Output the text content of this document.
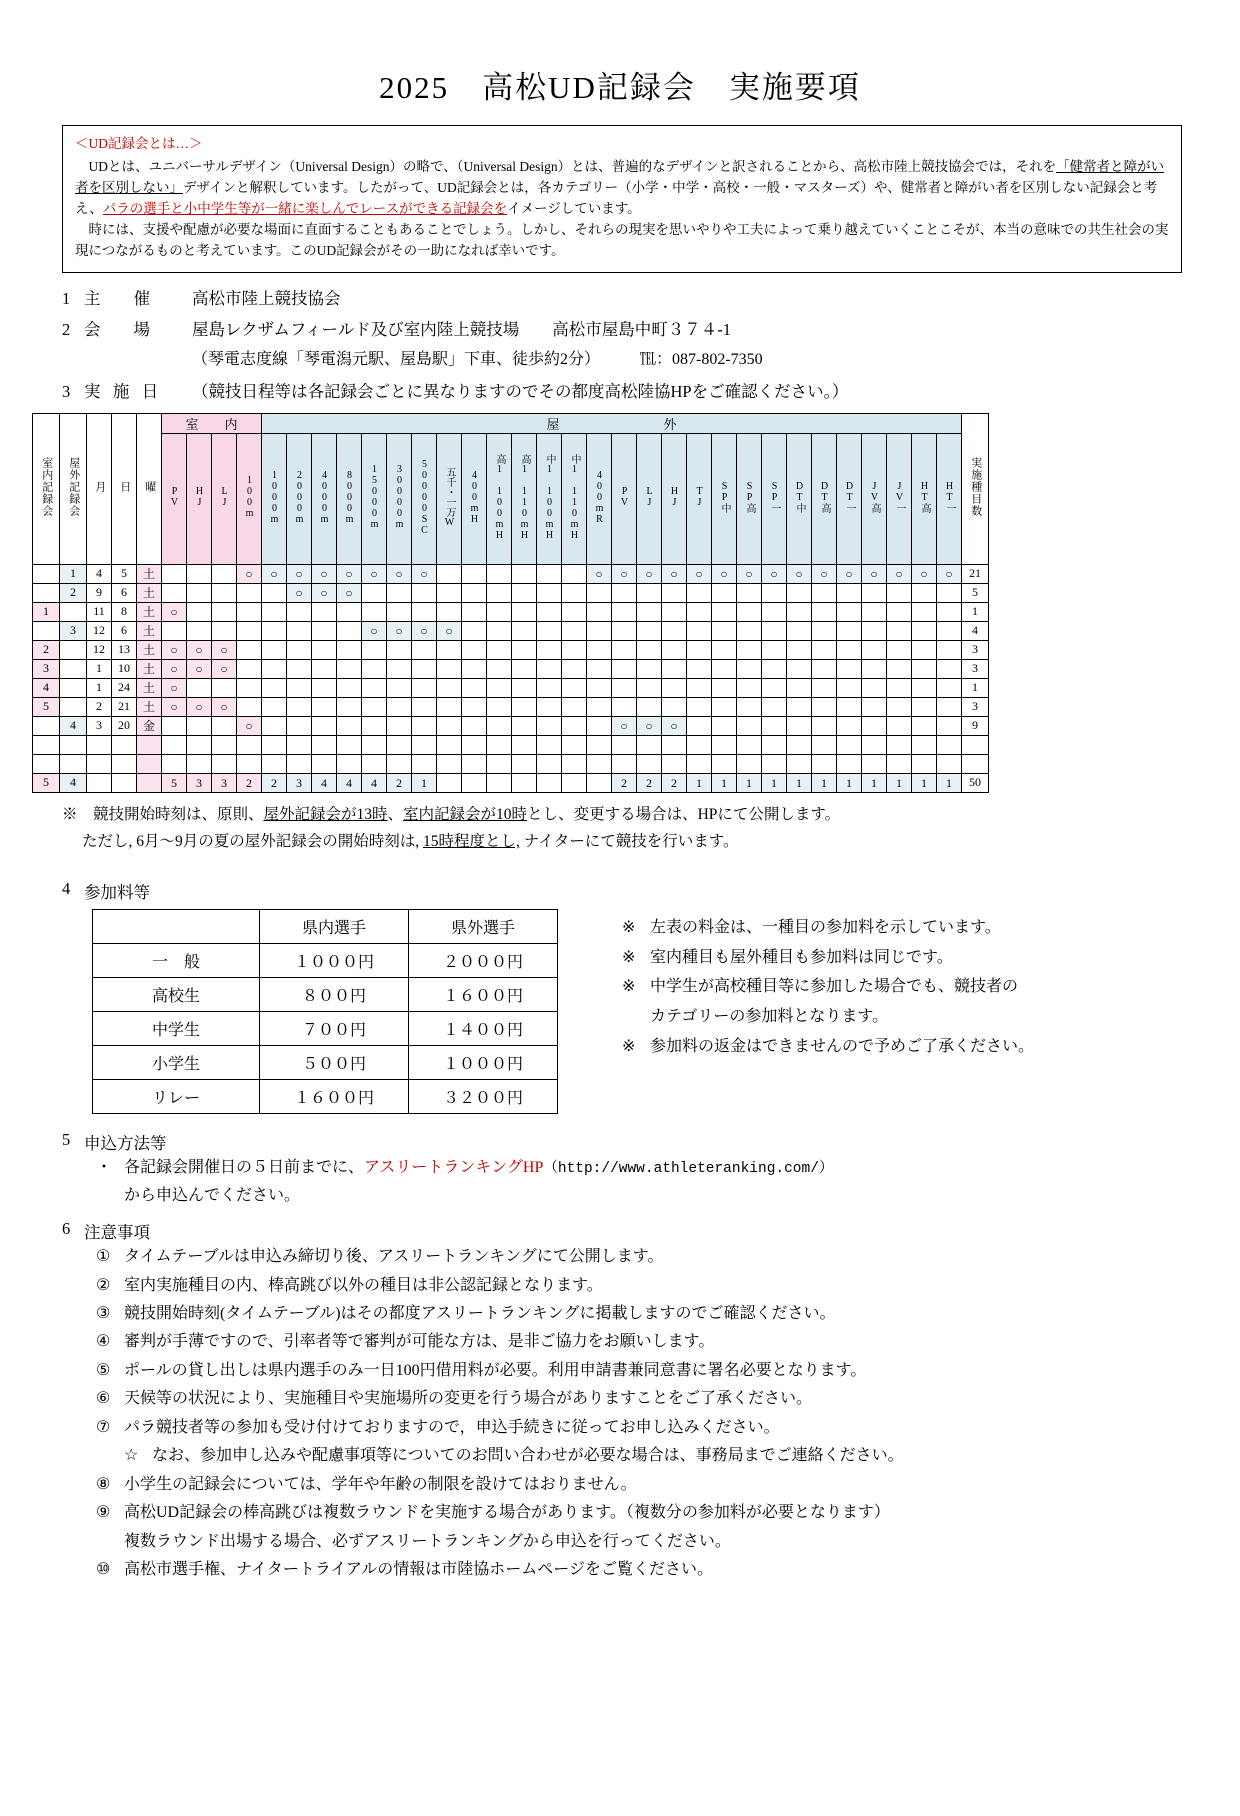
2025　高松UD記録会　実施要項
＜UD記録会とは…＞

UDとは、ユニバーサルデザイン（Universal Design）の略で、（Universal Design）とは、普遍的なデザインと訳されることから、高松市陸上競技協会では，それを「健常者と障がい者を区別しない」デザインと解釈しています。したがって、UD記録会とは，各カテゴリー（小学・中学・高校・一般・マスターズ）や、健常者と障がい者を区別しない記録会と考え、パラの選手と小中学生等が一緒に楽しんでレースができる記録会をイメージしています。

時には、支援や配慮が必要な場面に直面することもあることでしょう。しかし、それらの現実を思いやりや工夫によって乗り越えていくことこそが、本当の意味での共生社会の実現につながるものと考えています。このUD記録会がその一助になれば幸いです。

1 主　催	高松市陸上競技協会
2 会　場	屋島レクザムフィールド及び室内陸上競技場　　高松市屋島中町３７４-1
（琴電志度線「琴電潟元駅、屋島駅」下車、徒歩約2分）　　　℡：087-802-7350
3 実 施 日	（競技日程等は各記録会ごとに異なりますのでその都度高松陸協HPをご確認ください。）
室内記録会	屋外記録会	月	日	曜	室　　内				屋　　　　　　　　外																												実施種目数
					PV	HJ	LJ	100m	1000m	2000m	4000m	8000m	15000m	30000m	50000SC	五千・一万W	400mH	高1 100mH	高1 110mH	中1 100mH	中1 110mH	400mR	PV	LJ	HJ	TJ	SP中	SP高	SP一	DT中	DT高	DT一	JV高	JV一	HT高	HT一	
	1	4	5	土				○	○	○	○	○	○	○	○							○	○	○	○	○	○	○	○	○	○	○	○	○	○	○	21
	2	9	6	土						○	○	○																									5
1		11	8	土	○																																1
	3	12	6	土									○	○	○	○																					4
2		12	13	土	○	○	○																														3
3		1	10	土	○	○	○																														3
4		1	24	土	○																																1
5		2	21	土	○	○	○																														3
	4	3	20	金				○															○	○	○												9

5	4				5	3	3	2	2	3	4	4	4	2	1								2	2	2	1	1	1	1	1	1	1	1	1	1	1	50
※　競技開始時刻は、原則、屋外記録会が13時、室内記録会が10時とし、変更する場合は、HPにて公開します。
ただし, 6月～9月の夏の屋外記録会の開始時刻は, 15時程度とし, ナイターにて競技を行います。
4 参加料等
	県内選手	県外選手
一　般	１０００円	２０００円
高校生	８００円	１６００円
中学生	７００円	１４００円
小学生	５００円	１０００円
リレー	１６００円	３２００円
※ 左表の料金は、一種目の参加料を示しています。
※ 室内種目も屋外種目も参加料は同じです。
※ 中学生が高校種目等に参加した場合でも、競技者の
カテゴリーの参加料となります。
※ 参加料の返金はできませんので予めご了承ください。
5 申込方法等
・ 各記録会開催日の５日前までに、アスリートランキングHP（http://www.athleteranking.com/）
から申込んでください。
6 注意事項
① タイムテーブルは申込み締切り後、アスリートランキングにて公開します。
② 室内実施種目の内、棒高跳び以外の種目は非公認記録となります。
③ 競技開始時刻(タイムテーブル)はその都度アスリートランキングに掲載しますのでご確認ください。
④ 審判が手薄ですので、引率者等で審判が可能な方は、是非ご協力をお願いします。
⑤ ポールの貸し出しは県内選手のみ一日100円借用料が必要。利用申請書兼同意書に署名必要となります。
⑥ 天候等の状況により、実施種目や実施場所の変更を行う場合がありますことをご了承ください。
⑦ パラ競技者等の参加も受け付けておりますので，申込手続きに従ってお申し込みください。
☆ なお、参加申し込みや配慮事項等についてのお問い合わせが必要な場合は、事務局までご連絡ください。
⑧ 小学生の記録会については、学年や年齢の制限を設けてはおりません。
⑨ 高松UD記録会の棒高跳びは複数ラウンドを実施する場合があります。（複数分の参加料が必要となります）
複数ラウンド出場する場合、必ずアスリートランキングから申込を行ってください。
⑩ 高松市選手権、ナイタートライアルの情報は市陸協ホームページをご覧ください。
